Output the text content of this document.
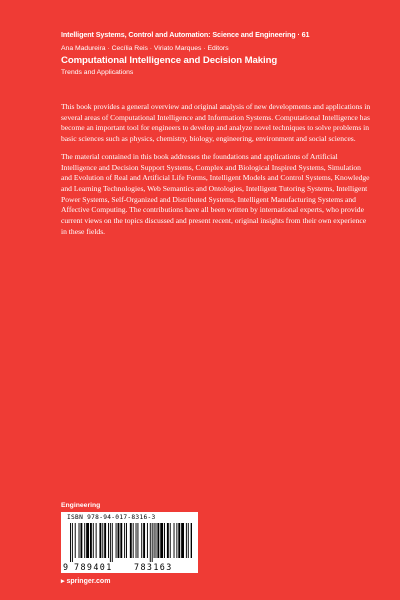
Intelligent Systems, Control and Automation: Science and Engineering · 61
Ana Madureira · Cecília Reis · Viriato Marques · Editors
Computational Intelligence and Decision Making
Trends and Applications

This book provides a general overview and original analysis of new developments and applications in several areas of Computational Intelligence and Information Systems. Computational Intelligence has become an important tool for engineers to develop and analyze novel techniques to solve problems in basic sciences such as physics, chemistry, biology, engineering, environment and social sciences.

The material contained in this book addresses the foundations and applications of Artificial Intelligence and Decision Support Systems, Complex and Biological Inspired Systems, Simulation and Evolution of Real and Artificial Life Forms, Intelligent Models and Control Systems, Knowledge and Learning Technologies, Web Semantics and Ontologies, Intelligent Tutoring Systems, Intelligent Power Systems, Self-Organized and Distributed Systems, Intelligent Manufacturing Systems and Affective Computing. The contributions have all been written by international experts, who provide current views on the topics discussed and present recent, original insights from their own experience in these fields.

Engineering
ISBN 978-94-017-8316-3
9 789401	783163
▸ springer.com
